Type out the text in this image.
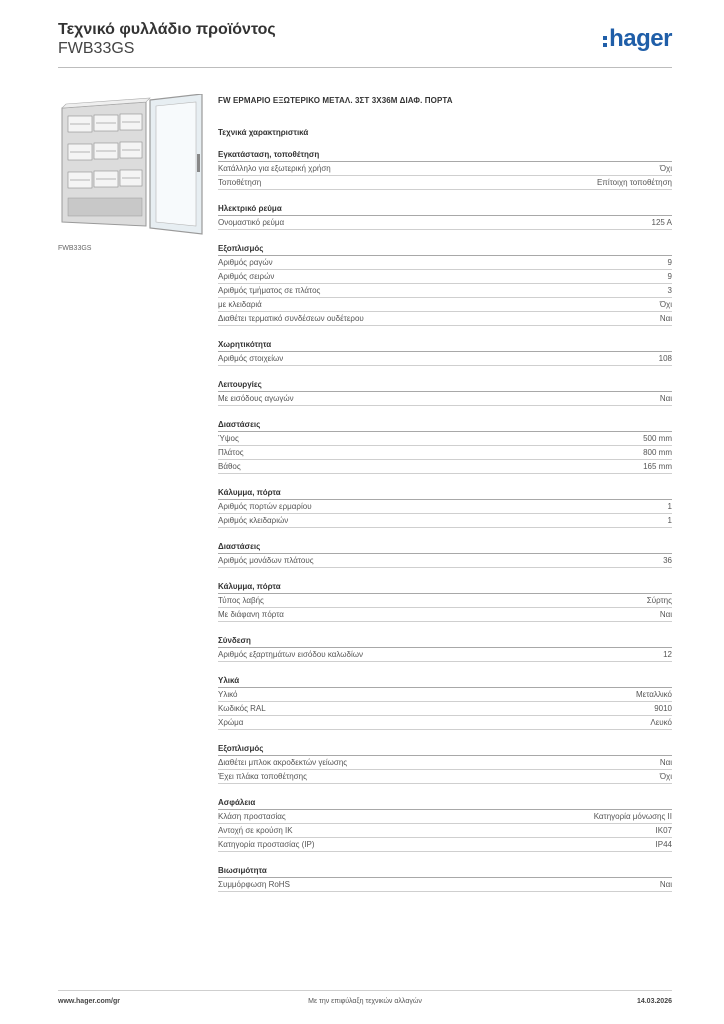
Τεχνικό φυλλάδιο προϊόντος
FWB33GS	hager
FWB33GS
FW ΕΡΜΑΡΙΟ ΕΞΩΤΕΡΙΚΟ ΜΕΤΑΛ. 3ΣΤ 3Χ36Μ ΔΙΑΦ. ΠΟΡΤΑ
Τεχνικά χαρακτηριστικά
Εγκατάσταση, τοποθέτηση
Κατάλληλο για εξωτερική χρήση	Όχι
Τοποθέτηση	Επίτοιχη τοποθέτηση
Ηλεκτρικό ρεύμα
Ονομαστικό ρεύμα	125 A
Εξοπλισμός
Αριθμός ραγών	9
Αριθμός σειρών	9
Αριθμός τμήματος σε πλάτος	3
με κλειδαριά	Όχι
Διαθέτει τερματικό συνδέσεων ουδέτερου	Ναι
Χωρητικότητα
Αριθμός στοιχείων	108
Λειτουργίες
Με εισόδους αγωγών	Ναι
Διαστάσεις
Ύψος	500 mm
Πλάτος	800 mm
Βάθος	165 mm
Κάλυμμα, πόρτα
Αριθμός πορτών ερμαρίου	1
Αριθμός κλειδαριών	1
Διαστάσεις
Αριθμός μονάδων πλάτους	36
Κάλυμμα, πόρτα
Τύπος λαβής	Σύρτης
Με διάφανη πόρτα	Ναι
Σύνδεση
Αριθμός εξαρτημάτων εισόδου καλωδίων	12
Υλικά
Υλικό	Μεταλλικό
Κωδικός RAL	9010
Χρώμα	Λευκό
Εξοπλισμός
Διαθέτει μπλοκ ακροδεκτών γείωσης	Ναι
Έχει πλάκα τοποθέτησης	Όχι
Ασφάλεια
Κλάση προστασίας	Κατηγορία μόνωσης II
Αντοχή σε κρούση IK	IK07
Κατηγορία προστασίας (IP)	IP44
Βιωσιμότητα
Συμμόρφωση RoHS	Ναι
www.hager.com/gr	Με την επιφύλαξη τεχνικών αλλαγών	14.03.2026
